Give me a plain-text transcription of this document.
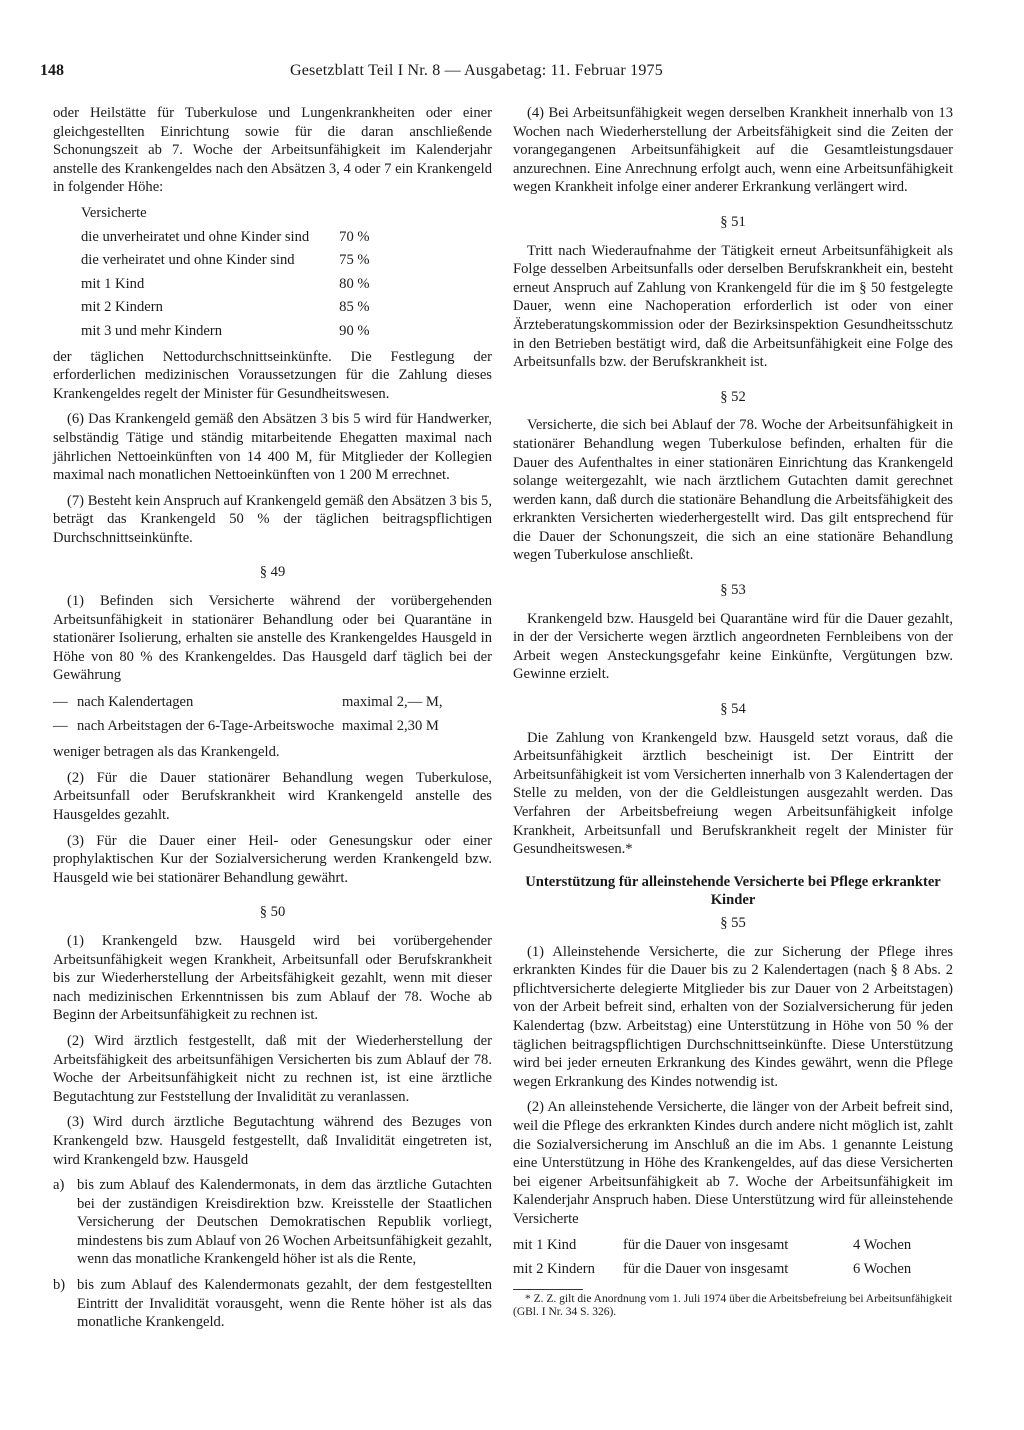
148	Gesetzblatt Teil I Nr. 8 — Ausgabetag: 11. Februar 1975

oder Heilstätte für Tuberkulose und Lungenkrankheiten oder einer gleichgestellten Einrichtung sowie für die daran anschließende Schonungszeit ab 7. Woche der Arbeitsunfähigkeit im Kalenderjahr anstelle des Krankengeldes nach den Absätzen 3, 4 oder 7 ein Krankengeld in folgender Höhe:

Versicherte
die unverheiratet und ohne Kinder sind	70 %
die verheiratet und ohne Kinder sind	75 %
mit 1 Kind	80 %
mit 2 Kindern	85 %
mit 3 und mehr Kindern	90 %

der täglichen Nettodurchschnittseinkünfte. Die Festlegung der erforderlichen medizinischen Voraussetzungen für die Zahlung dieses Krankengeldes regelt der Minister für Gesundheitswesen.

(6) Das Krankengeld gemäß den Absätzen 3 bis 5 wird für Handwerker, selbständig Tätige und ständig mitarbeitende Ehegatten maximal nach jährlichen Nettoeinkünften von 14 400 M, für Mitglieder der Kollegien maximal nach monatlichen Nettoeinkünften von 1 200 M errechnet.

(7) Besteht kein Anspruch auf Krankengeld gemäß den Absätzen 3 bis 5, beträgt das Krankengeld 50 % der täglichen beitragspflichtigen Durchschnittseinkünfte.

§ 49

(1) Befinden sich Versicherte während der vorübergehenden Arbeitsunfähigkeit in stationärer Behandlung oder bei Quarantäne in stationärer Isolierung, erhalten sie anstelle des Krankengeldes Hausgeld in Höhe von 80 % des Krankengeldes. Das Hausgeld darf täglich bei der Gewährung

—	nach Kalendertagen	maximal 2,— M,
—	nach Arbeitstagen der 6-Tage-Arbeitswoche	maximal 2,30 M

weniger betragen als das Krankengeld.

(2) Für die Dauer stationärer Behandlung wegen Tuberkulose, Arbeitsunfall oder Berufskrankheit wird Krankengeld anstelle des Hausgeldes gezahlt.

(3) Für die Dauer einer Heil- oder Genesungskur oder einer prophylaktischen Kur der Sozialversicherung werden Krankengeld bzw. Hausgeld wie bei stationärer Behandlung gewährt.

§ 50

(1) Krankengeld bzw. Hausgeld wird bei vorübergehender Arbeitsunfähigkeit wegen Krankheit, Arbeitsunfall oder Berufskrankheit bis zur Wiederherstellung der Arbeitsfähigkeit gezahlt, wenn mit dieser nach medizinischen Erkenntnissen bis zum Ablauf der 78. Woche ab Beginn der Arbeitsunfähigkeit zu rechnen ist.

(2) Wird ärztlich festgestellt, daß mit der Wiederherstellung der Arbeitsfähigkeit des arbeitsunfähigen Versicherten bis zum Ablauf der 78. Woche der Arbeitsunfähigkeit nicht zu rechnen ist, ist eine ärztliche Begutachtung zur Feststellung der Invalidität zu veranlassen.

(3) Wird durch ärztliche Begutachtung während des Bezuges von Krankengeld bzw. Hausgeld festgestellt, daß Invalidität eingetreten ist, wird Krankengeld bzw. Hausgeld

a) bis zum Ablauf des Kalendermonats, in dem das ärztliche Gutachten bei der zuständigen Kreisdirektion bzw. Kreisstelle der Staatlichen Versicherung der Deutschen Demokratischen Republik vorliegt, mindestens bis zum Ablauf von 26 Wochen Arbeitsunfähigkeit gezahlt, wenn das monatliche Krankengeld höher ist als die Rente,
b) bis zum Ablauf des Kalendermonats gezahlt, der dem festgestellten Eintritt der Invalidität vorausgeht, wenn die Rente höher ist als das monatliche Krankengeld.

(4) Bei Arbeitsunfähigkeit wegen derselben Krankheit innerhalb von 13 Wochen nach Wiederherstellung der Arbeitsfähigkeit sind die Zeiten der vorangegangenen Arbeitsunfähigkeit auf die Gesamtleistungsdauer anzurechnen. Eine Anrechnung erfolgt auch, wenn eine Arbeitsunfähigkeit wegen Krankheit infolge einer anderer Erkrankung verlängert wird.

§ 51

Tritt nach Wiederaufnahme der Tätigkeit erneut Arbeitsunfähigkeit als Folge desselben Arbeitsunfalls oder derselben Berufskrankheit ein, besteht erneut Anspruch auf Zahlung von Krankengeld für die im § 50 festgelegte Dauer, wenn eine Nachoperation erforderlich ist oder von einer Ärzteberatungskommission oder der Bezirksinspektion Gesundheitsschutz in den Betrieben bestätigt wird, daß die Arbeitsunfähigkeit eine Folge des Arbeitsunfalls bzw. der Berufskrankheit ist.

§ 52

Versicherte, die sich bei Ablauf der 78. Woche der Arbeitsunfähigkeit in stationärer Behandlung wegen Tuberkulose befinden, erhalten für die Dauer des Aufenthaltes in einer stationären Einrichtung das Krankengeld solange weitergezahlt, wie nach ärztlichem Gutachten damit gerechnet werden kann, daß durch die stationäre Behandlung die Arbeitsfähigkeit des erkrankten Versicherten wiederhergestellt wird. Das gilt entsprechend für die Dauer der Schonungszeit, die sich an eine stationäre Behandlung wegen Tuberkulose anschließt.

§ 53

Krankengeld bzw. Hausgeld bei Quarantäne wird für die Dauer gezahlt, in der der Versicherte wegen ärztlich angeordneten Fernbleibens von der Arbeit wegen Ansteckungsgefahr keine Einkünfte, Vergütungen bzw. Gewinne erzielt.

§ 54

Die Zahlung von Krankengeld bzw. Hausgeld setzt voraus, daß die Arbeitsunfähigkeit ärztlich bescheinigt ist. Der Eintritt der Arbeitsunfähigkeit ist vom Versicherten innerhalb von 3 Kalendertagen der Stelle zu melden, von der die Geldleistungen ausgezahlt werden. Das Verfahren der Arbeitsbefreiung wegen Arbeitsunfähigkeit infolge Krankheit, Arbeitsunfall und Berufskrankheit regelt der Minister für Gesundheitswesen.*

Unterstützung für alleinstehende Versicherte bei Pflege erkrankter Kinder
§ 55

(1) Alleinstehende Versicherte, die zur Sicherung der Pflege ihres erkrankten Kindes für die Dauer bis zu 2 Kalendertagen (nach § 8 Abs. 2 pflichtversicherte delegierte Mitglieder bis zur Dauer von 2 Arbeitstagen) von der Arbeit befreit sind, erhalten von der Sozialversicherung für jeden Kalendertag (bzw. Arbeitstag) eine Unterstützung in Höhe von 50 % der täglichen beitragspflichtigen Durchschnittseinkünfte. Diese Unterstützung wird bei jeder erneuten Erkrankung des Kindes gewährt, wenn die Pflege wegen Erkrankung des Kindes notwendig ist.

(2) An alleinstehende Versicherte, die länger von der Arbeit befreit sind, weil die Pflege des erkrankten Kindes durch andere nicht möglich ist, zahlt die Sozialversicherung im Anschluß an die im Abs. 1 genannte Leistung eine Unterstützung in Höhe des Krankengeldes, auf das diese Versicherten bei eigener Arbeitsunfähigkeit ab 7. Woche der Arbeitsunfähigkeit im Kalenderjahr Anspruch haben. Diese Unterstützung wird für alleinstehende Versicherte

mit 1 Kind	für die Dauer von insgesamt	4 Wochen
mit 2 Kindern	für die Dauer von insgesamt	6 Wochen
* Z. Z. gilt die Anordnung vom 1. Juli 1974 über die Arbeitsbefreiung bei Arbeitsunfähigkeit (GBl. I Nr. 34 S. 326).
